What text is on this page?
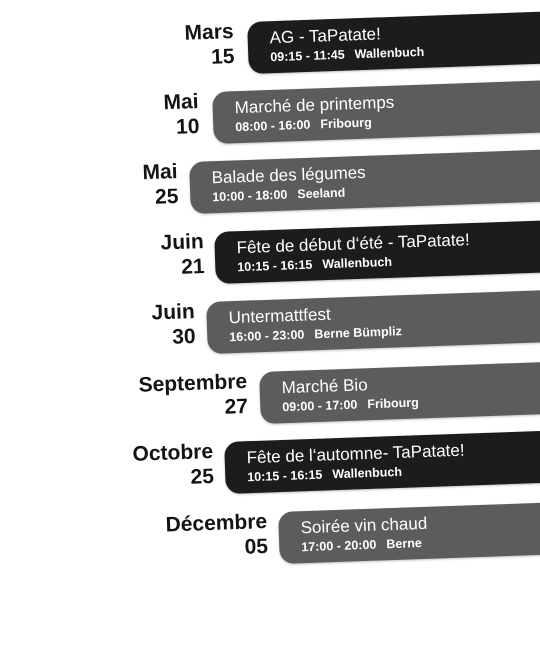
Mars
15
AG - TaPatate!
09:15 - 11:45 Wallenbuch
Mai
10
Marché de printemps
08:00 - 16:00 Fribourg
Mai
25
Balade des légumes
10:00 - 18:00 Seeland
Juin
21
Fête de début d‘été - TaPatate!
10:15 - 16:15 Wallenbuch
Juin
30
Untermattfest
16:00 - 23:00 Berne Bümpliz
Septembre
27
Marché Bio
09:00 - 17:00 Fribourg
Octobre
25
Fête de l‘automne- TaPatate!
10:15 - 16:15 Wallenbuch
Décembre
05
Soirée vin chaud
17:00 - 20:00 Berne
